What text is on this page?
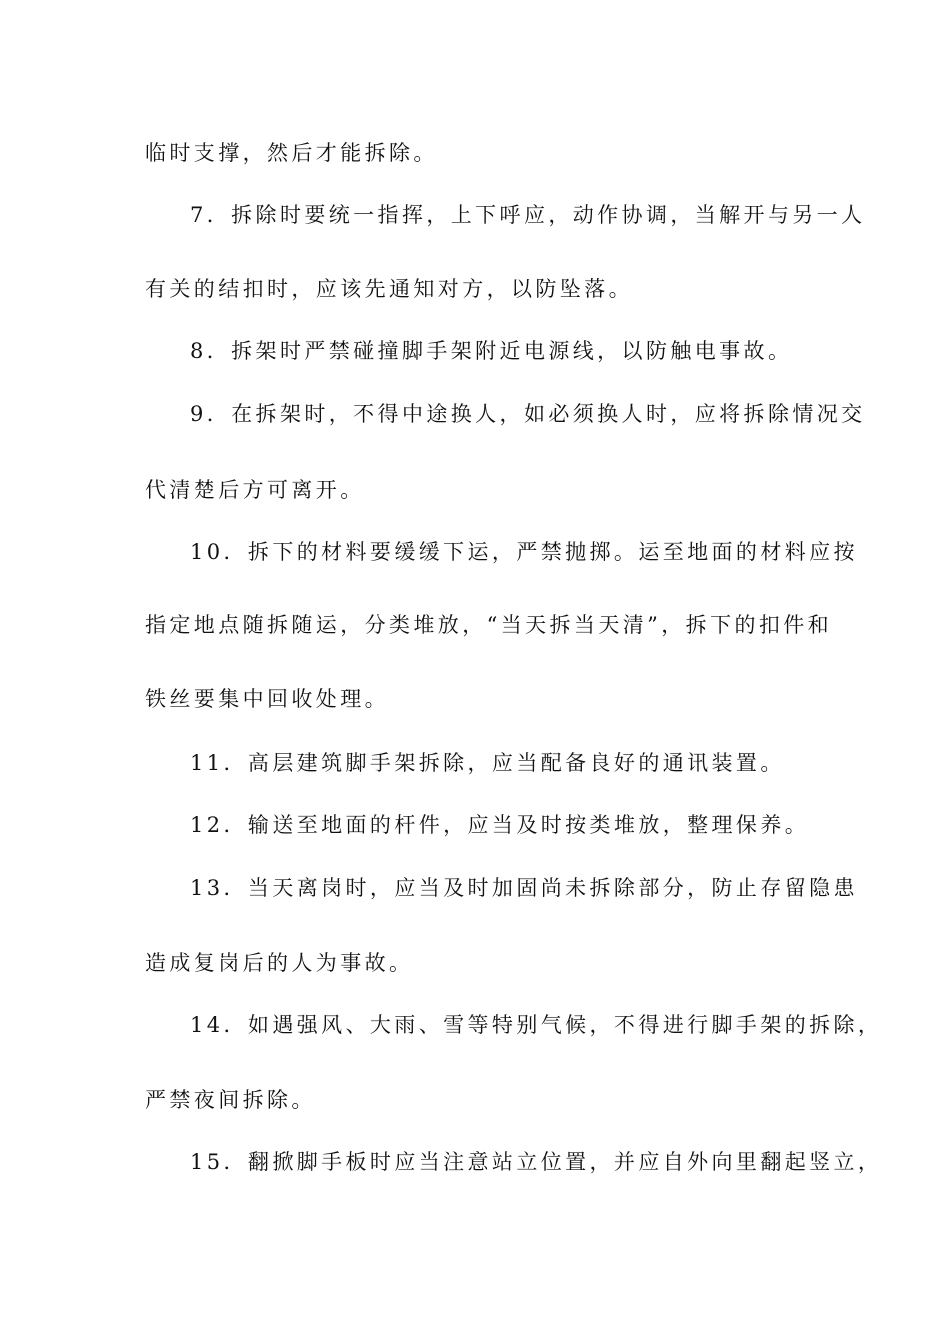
临时支撑，然后才能拆除。
7．拆除时要统一指挥，上下呼应，动作协调，当解开与另一人
有关的结扣时，应该先通知对方，以防坠落。
8．拆架时严禁碰撞脚手架附近电源线，以防触电事故。
9．在拆架时，不得中途换人，如必须换人时，应将拆除情况交
代清楚后方可离开。
10．拆下的材料要缓缓下运，严禁抛掷。运至地面的材料应按
指定地点随拆随运，分类堆放，“当天拆当天清”，拆下的扣件和
铁丝要集中回收处理。
11．高层建筑脚手架拆除，应当配备良好的通讯装置。
12．输送至地面的杆件，应当及时按类堆放，整理保养。
13．当天离岗时，应当及时加固尚未拆除部分，防止存留隐患
造成复岗后的人为事故。
14．如遇强风、大雨、雪等特别气候，不得进行脚手架的拆除，
严禁夜间拆除。
15．翻掀脚手板时应当注意站立位置，并应自外向里翻起竖立，
